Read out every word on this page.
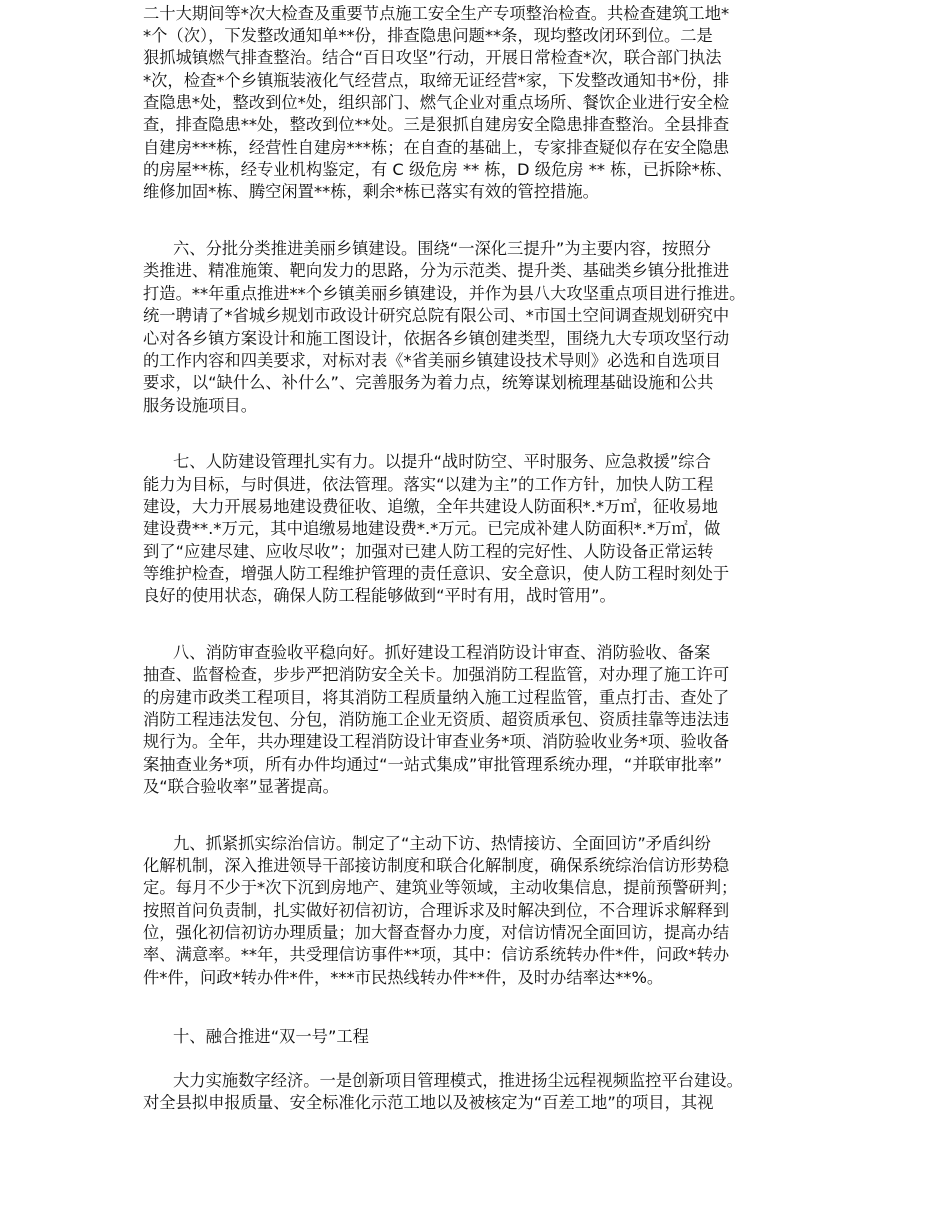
二十大期间等*次大检查及重要节点施工安全生产专项整治检查。共检查建筑工地*
*个（次），下发整改通知单**份，排查隐患问题**条，现均整改闭环到位。二是
狠抓城镇燃气排查整治。结合“百日攻坚”行动，开展日常检查*次，联合部门执法
*次，检查*个乡镇瓶装液化气经营点，取缔无证经营*家，下发整改通知书*份，排
查隐患*处，整改到位*处，组织部门、燃气企业对重点场所、餐饮企业进行安全检
查，排查隐患**处，整改到位**处。三是狠抓自建房安全隐患排查整治。全县排查
自建房***栋，经营性自建房***栋；在自查的基础上，专家排查疑似存在安全隐患
的房屋**栋，经专业机构鉴定，有 C 级危房 ** 栋，D 级危房 ** 栋，已拆除*栋、
维修加固*栋、腾空闲置**栋，剩余*栋已落实有效的管控措施。
六、分批分类推进美丽乡镇建设。围绕“一深化三提升”为主要内容，按照分
类推进、精准施策、靶向发力的思路，分为示范类、提升类、基础类乡镇分批推进
打造。**年重点推进**个乡镇美丽乡镇建设，并作为县八大攻坚重点项目进行推进。
统一聘请了*省城乡规划市政设计研究总院有限公司、*市国土空间调查规划研究中
心对各乡镇方案设计和施工图设计，依据各乡镇创建类型，围绕九大专项攻坚行动
的工作内容和四美要求，对标对表《*省美丽乡镇建设技术导则》必选和自选项目
要求，以“缺什么、补什么”、完善服务为着力点，统筹谋划梳理基础设施和公共
服务设施项目。
七、人防建设管理扎实有力。以提升“战时防空、平时服务、应急救援”综合
能力为目标，与时俱进，依法管理。落实“以建为主”的工作方针，加快人防工程
建设，大力开展易地建设费征收、追缴，全年共建设人防面积*.*万㎡，征收易地
建设费**.*万元，其中追缴易地建设费*.*万元。已完成补建人防面积*.*万㎡，做
到了“应建尽建、应收尽收”；加强对已建人防工程的完好性、人防设备正常运转
等维护检查，增强人防工程维护管理的责任意识、安全意识，使人防工程时刻处于
良好的使用状态，确保人防工程能够做到“平时有用，战时管用”。
八、消防审查验收平稳向好。抓好建设工程消防设计审查、消防验收、备案
抽查、监督检查，步步严把消防安全关卡。加强消防工程监管，对办理了施工许可
的房建市政类工程项目，将其消防工程质量纳入施工过程监管，重点打击、查处了
消防工程违法发包、分包，消防施工企业无资质、超资质承包、资质挂靠等违法违
规行为。全年，共办理建设工程消防设计审查业务*项、消防验收业务*项、验收备
案抽查业务*项，所有办件均通过“一站式集成”审批管理系统办理，“并联审批率”
及“联合验收率”显著提高。
九、抓紧抓实综治信访。制定了“主动下访、热情接访、全面回访”矛盾纠纷
化解机制，深入推进领导干部接访制度和联合化解制度，确保系统综治信访形势稳
定。每月不少于*次下沉到房地产、建筑业等领域，主动收集信息，提前预警研判；
按照首问负责制，扎实做好初信初访，合理诉求及时解决到位，不合理诉求解释到
位，强化初信初访办理质量；加大督查督办力度，对信访情况全面回访，提高办结
率、满意率。**年，共受理信访事件**项，其中：信访系统转办件*件，问政*转办
件*件，问政*转办件*件，***市民热线转办件**件，及时办结率达**%。
十、融合推进“双一号”工程
大力实施数字经济。一是创新项目管理模式，推进扬尘远程视频监控平台建设。
对全县拟申报质量、安全标准化示范工地以及被核定为“百差工地”的项目，其视
